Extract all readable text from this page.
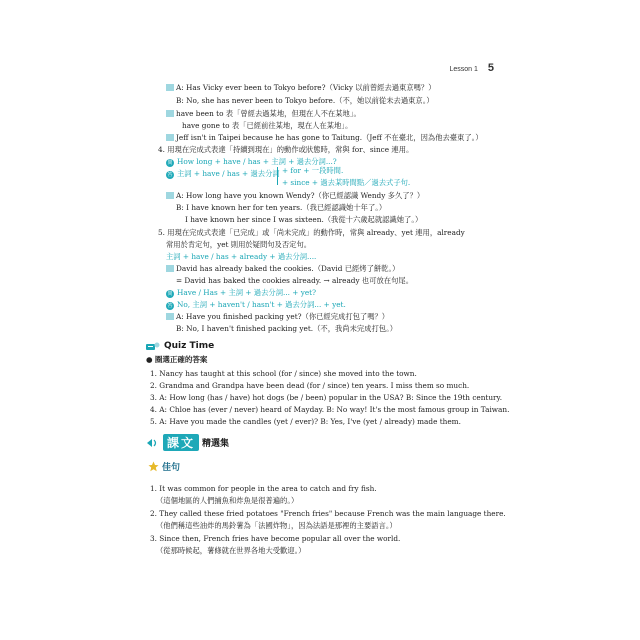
Lesson 1 5
A: Has Vicky ever been to Tokyo before?（Vicky 以前曾經去過東京嗎？）
B: No, she has never been to Tokyo before.（不，她以前從未去過東京。）
have been to 表「曾經去過某地，但現在人不在某地」。
have gone to 表「已經前往某地，現在人在某地」。
Jeff isn't in Taipei because he has gone to Taitung.（Jeff 不在臺北，因為他去臺東了。）
4. 用現在完成式表達「持續到現在」的動作或狀態時，常與 for、since 連用。
問 How long + have / has + 主詞 + 過去分詞...?
答 主詞 + have / has + 過去分詞 + for + 一段時間.
+ since + 過去某時間點／過去式子句.
A: How long have you known Wendy?（你已經認識 Wendy 多久了？）
B: I have known her for ten years.（我已經認識她十年了。）
I have known her since I was sixteen.（我從十六歲起就認識她了。）
5. 用現在完成式表達「已完成」或「尚未完成」的動作時，常與 already、yet 連用，already
常用於肯定句，yet 則用於疑問句及否定句。
主詞 + have / has + already + 過去分詞....
David has already baked the cookies.（David 已經烤了餅乾。）
= David has baked the cookies already. → already 也可放在句尾。
問 Have / Has + 主詞 + 過去分詞... + yet?
答 No, 主詞 + haven't / hasn't + 過去分詞... + yet.
A: Have you finished packing yet?（你已經完成打包了嗎？）
B: No, I haven't finished packing yet.（不，我尚未完成打包。）
Quiz Time
● 圈選正確的答案
1. Nancy has taught at this school (for / since) she moved into the town.
2. Grandma and Grandpa have been dead (for / since) ten years. I miss them so much.
3. A: How long (has / have) hot dogs (be / been) popular in the USA? B: Since the 19th century.
4. A: Chloe has (ever / never) heard of Mayday. B: No way! It's the most famous group in Taiwan.
5. A: Have you made the candles (yet / ever)? B: Yes, I've (yet / already) made them.
課文 精選集
佳句
1. It was common for people in the area to catch and fry fish.
（這個地區的人們捕魚和炸魚是很普遍的。）
2. They called these fried potatoes "French fries" because French was the main language there.
（他們稱這些油炸的馬鈴薯為「法國炸物」，因為法語是那裡的主要語言。）
3. Since then, French fries have become popular all over the world.
（從那時候起，薯條就在世界各地大受歡迎。）
